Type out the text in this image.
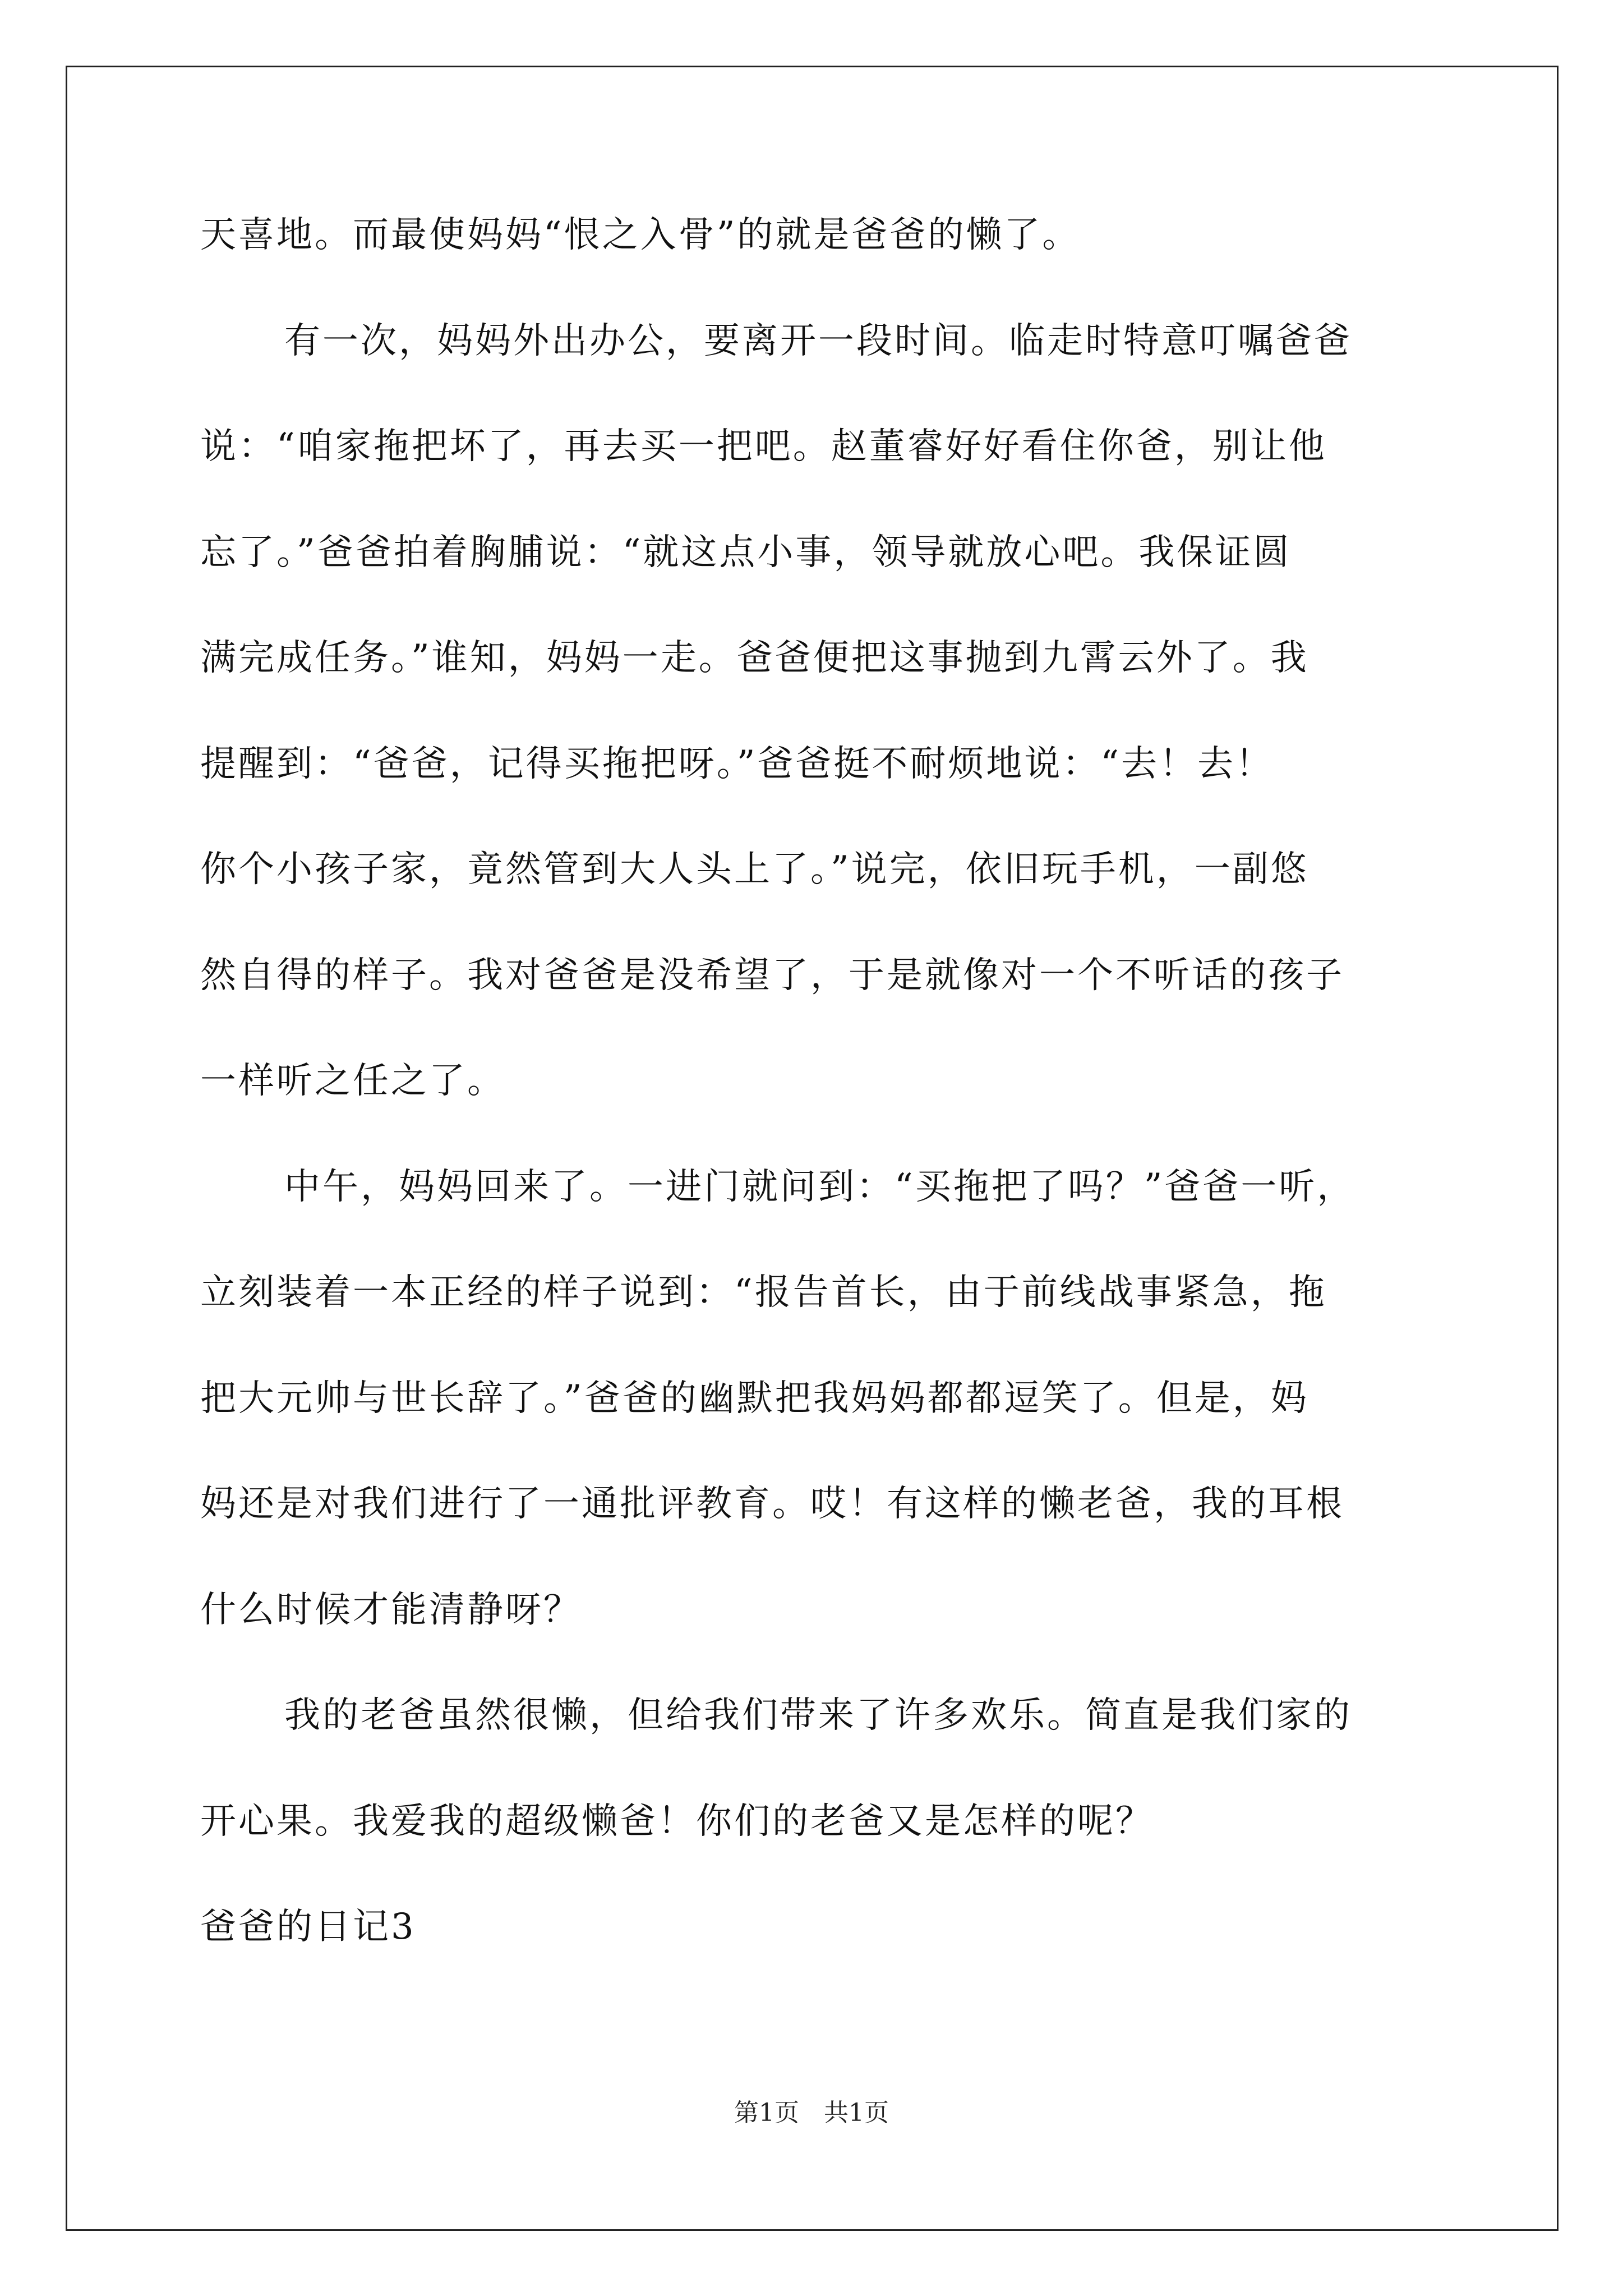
天喜地。而最使妈妈“恨之入骨”的就是爸爸的懒了。
有一次，妈妈外出办公，要离开一段时间。临走时特意叮嘱爸爸
说：“咱家拖把坏了，再去买一把吧。赵董睿好好看住你爸，别让他
忘了。”爸爸拍着胸脯说：“就这点小事，领导就放心吧。我保证圆
满完成任务。”谁知，妈妈一走。爸爸便把这事抛到九霄云外了。我
提醒到：“爸爸，记得买拖把呀。”爸爸挺不耐烦地说：“去！去！
你个小孩子家，竟然管到大人头上了。”说完，依旧玩手机，一副悠
然自得的样子。我对爸爸是没希望了，于是就像对一个不听话的孩子
一样听之任之了。
中午，妈妈回来了。一进门就问到：“买拖把了吗？”爸爸一听，
立刻装着一本正经的样子说到：“报告首长，由于前线战事紧急，拖
把大元帅与世长辞了。”爸爸的幽默把我妈妈都都逗笑了。但是，妈
妈还是对我们进行了一通批评教育。哎！有这样的懒老爸，我的耳根
什么时候才能清静呀？
我的老爸虽然很懒，但给我们带来了许多欢乐。简直是我们家的
开心果。我爱我的超级懒爸！你们的老爸又是怎样的呢？
爸爸的日记3
第1页　共1页
